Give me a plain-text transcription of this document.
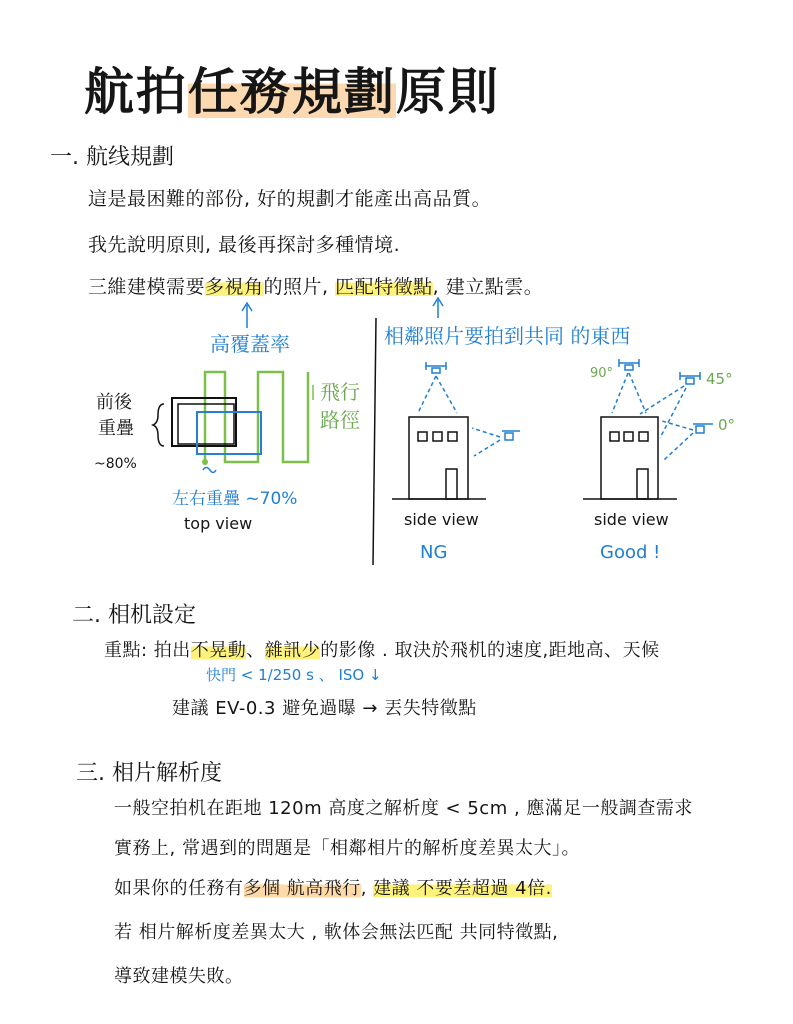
航拍任務規劃原則
一. 航线規劃
這是最困難的部份, 好的規劃才能產出高品質。
我先說明原則, 最後再探討多種情境.
三維建模需要多視角的照片, 匹配特徵點, 建立點雲。
高覆蓋率	相鄰照片要拍到共同 的東西
前後
重疊
~80%
飛行
路徑
左右重疊 ~70%
top view	side view
NG
side view
Good !
90°	45°
0°
二. 相机設定
重點: 拍出不晃動、雜訊少的影像 . 取決於飛机的速度,距地高、天候
快門 < 1/250 s 、 ISO ↓
建議 EV-0.3 避免過曝 → 丟失特徵點
三. 相片解析度
一般空拍机在距地 120m 高度之解析度 < 5cm , 應滿足一般調查需求
實務上, 常遇到的問題是「相鄰相片的解析度差異太大」。
如果你的任務有多個 航高飛行, 建議 不要差超過 4倍.
若 相片解析度差異太大 , 軟体会無法匹配 共同特徵點,
導致建模失敗。
